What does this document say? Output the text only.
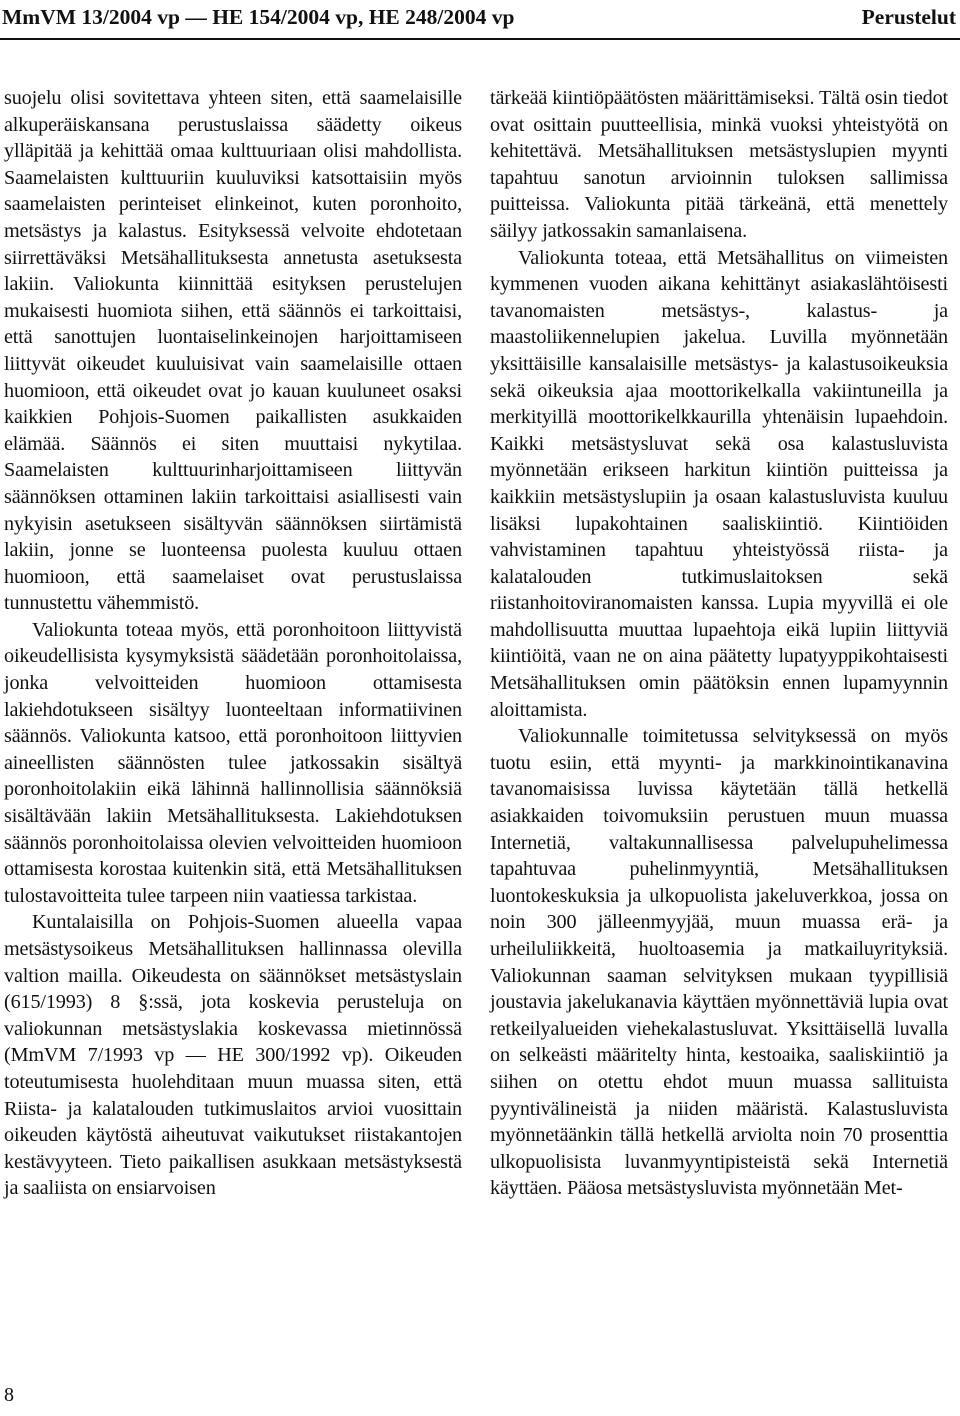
MmVM 13/2004 vp — HE 154/2004 vp, HE 248/2004 vp	Perustelut

suojelu olisi sovitettava yhteen siten, että saamelaisille alkuperäiskansana perustuslaissa säädetty oikeus ylläpitää ja kehittää omaa kulttuuriaan olisi mahdollista. Saamelaisten kulttuuriin kuuluviksi katsottaisiin myös saamelaisten perinteiset elinkeinot, kuten poronhoito, metsästys ja kalastus. Esityksessä velvoite ehdotetaan siirrettäväksi Metsähallituksesta annetusta asetuksesta lakiin. Valiokunta kiinnittää esityksen perustelujen mukaisesti huomiota siihen, että säännös ei tarkoittaisi, että sanottujen luontaiselinkeinojen harjoittamiseen liittyvät oikeudet kuuluisivat vain saamelaisille ottaen huomioon, että oikeudet ovat jo kauan kuuluneet osaksi kaikkien Pohjois-Suomen paikallisten asukkaiden elämää. Säännös ei siten muuttaisi nykytilaa. Saamelaisten kulttuurinharjoittamiseen liittyvän säännöksen ottaminen lakiin tarkoittaisi asiallisesti vain nykyisin asetukseen sisältyvän säännöksen siirtämistä lakiin, jonne se luonteensa puolesta kuuluu ottaen huomioon, että saamelaiset ovat perustuslaissa tunnustettu vähemmistö.

Valiokunta toteaa myös, että poronhoitoon liittyvistä oikeudellisista kysymyksistä säädetään poronhoitolaissa, jonka velvoitteiden huomioon ottamisesta lakiehdotukseen sisältyy luonteeltaan informatiivinen säännös. Valiokunta katsoo, että poronhoitoon liittyvien aineellisten säännösten tulee jatkossakin sisältyä poronhoitolakiin eikä lähinnä hallinnollisia säännöksiä sisältävään lakiin Metsähallituksesta. Lakiehdotuksen säännös poronhoitolaissa olevien velvoitteiden huomioon ottamisesta korostaa kuitenkin sitä, että Metsähallituksen tulostavoitteita tulee tarpeen niin vaatiessa tarkistaa.

Kuntalaisilla on Pohjois-Suomen alueella vapaa metsästysoikeus Metsähallituksen hallinnassa olevilla valtion mailla. Oikeudesta on säännökset metsästyslain (615/1993) 8 §:ssä, jota koskevia perusteluja on valiokunnan metsästyslakia koskevassa mietinnössä (MmVM 7/1993 vp — HE 300/1992 vp). Oikeuden toteutumisesta huolehditaan muun muassa siten, että Riista- ja kalatalouden tutkimuslaitos arvioi vuosittain oikeuden käytöstä aiheutuvat vaikutukset riistakantojen kestävyyteen. Tieto paikallisen asukkaan metsästyksestä ja saaliista on ensiarvoisen

tärkeää kiintiöpäätösten määrittämiseksi. Tältä osin tiedot ovat osittain puutteellisia, minkä vuoksi yhteistyötä on kehitettävä. Metsähallituksen metsästyslupien myynti tapahtuu sanotun arvioinnin tuloksen sallimissa puitteissa. Valiokunta pitää tärkeänä, että menettely säilyy jatkossakin samanlaisena.

Valiokunta toteaa, että Metsähallitus on viimeisten kymmenen vuoden aikana kehittänyt asiakaslähtöisesti tavanomaisten metsästys-, kalastus- ja maastoliikennelupien jakelua. Luvilla myönnetään yksittäisille kansalaisille metsästys- ja kalastusoikeuksia sekä oikeuksia ajaa moottorikelkalla vakiintuneilla ja merkityillä moottorikelkkaurilla yhtenäisin lupaehdoin. Kaikki metsästysluvat sekä osa kalastusluvista myönnetään erikseen harkitun kiintiön puitteissa ja kaikkiin metsästyslupiin ja osaan kalastusluvista kuuluu lisäksi lupakohtainen saaliskiintiö. Kiintiöiden vahvistaminen tapahtuu yhteistyössä riista- ja kalatalouden tutkimuslaitoksen sekä riistanhoitoviranomaisten kanssa. Lupia myyvillä ei ole mahdollisuutta muuttaa lupaehtoja eikä lupiin liittyviä kiintiöitä, vaan ne on aina päätetty lupatyyppikohtaisesti Metsähallituksen omin päätöksin ennen lupamyynnin aloittamista.

Valiokunnalle toimitetussa selvityksessä on myös tuotu esiin, että myynti- ja markkinointikanavina tavanomaisissa luvissa käytetään tällä hetkellä asiakkaiden toivomuksiin perustuen muun muassa Internetiä, valtakunnallisessa palvelupuhelimessa tapahtuvaa puhelinmyyntiä, Metsähallituksen luontokeskuksia ja ulkopuolista jakeluverkkoa, jossa on noin 300 jälleenmyyjää, muun muassa erä- ja urheiluliikkeitä, huoltoasemia ja matkailuyrityksiä. Valiokunnan saaman selvityksen mukaan tyypillisiä joustavia jakelukanavia käyttäen myönnettäviä lupia ovat retkeilyalueiden viehekalastusluvat. Yksittäisellä luvalla on selkeästi määritelty hinta, kestoaika, saaliskiintiö ja siihen on otettu ehdot muun muassa sallituista pyyntivälineistä ja niiden määristä. Kalastusluvista myönnetäänkin tällä hetkellä arviolta noin 70 prosenttia ulkopuolisista luvanmyyntipisteistä sekä Internetiä käyttäen. Pääosa metsästysluvista myönnetään Met-

8
